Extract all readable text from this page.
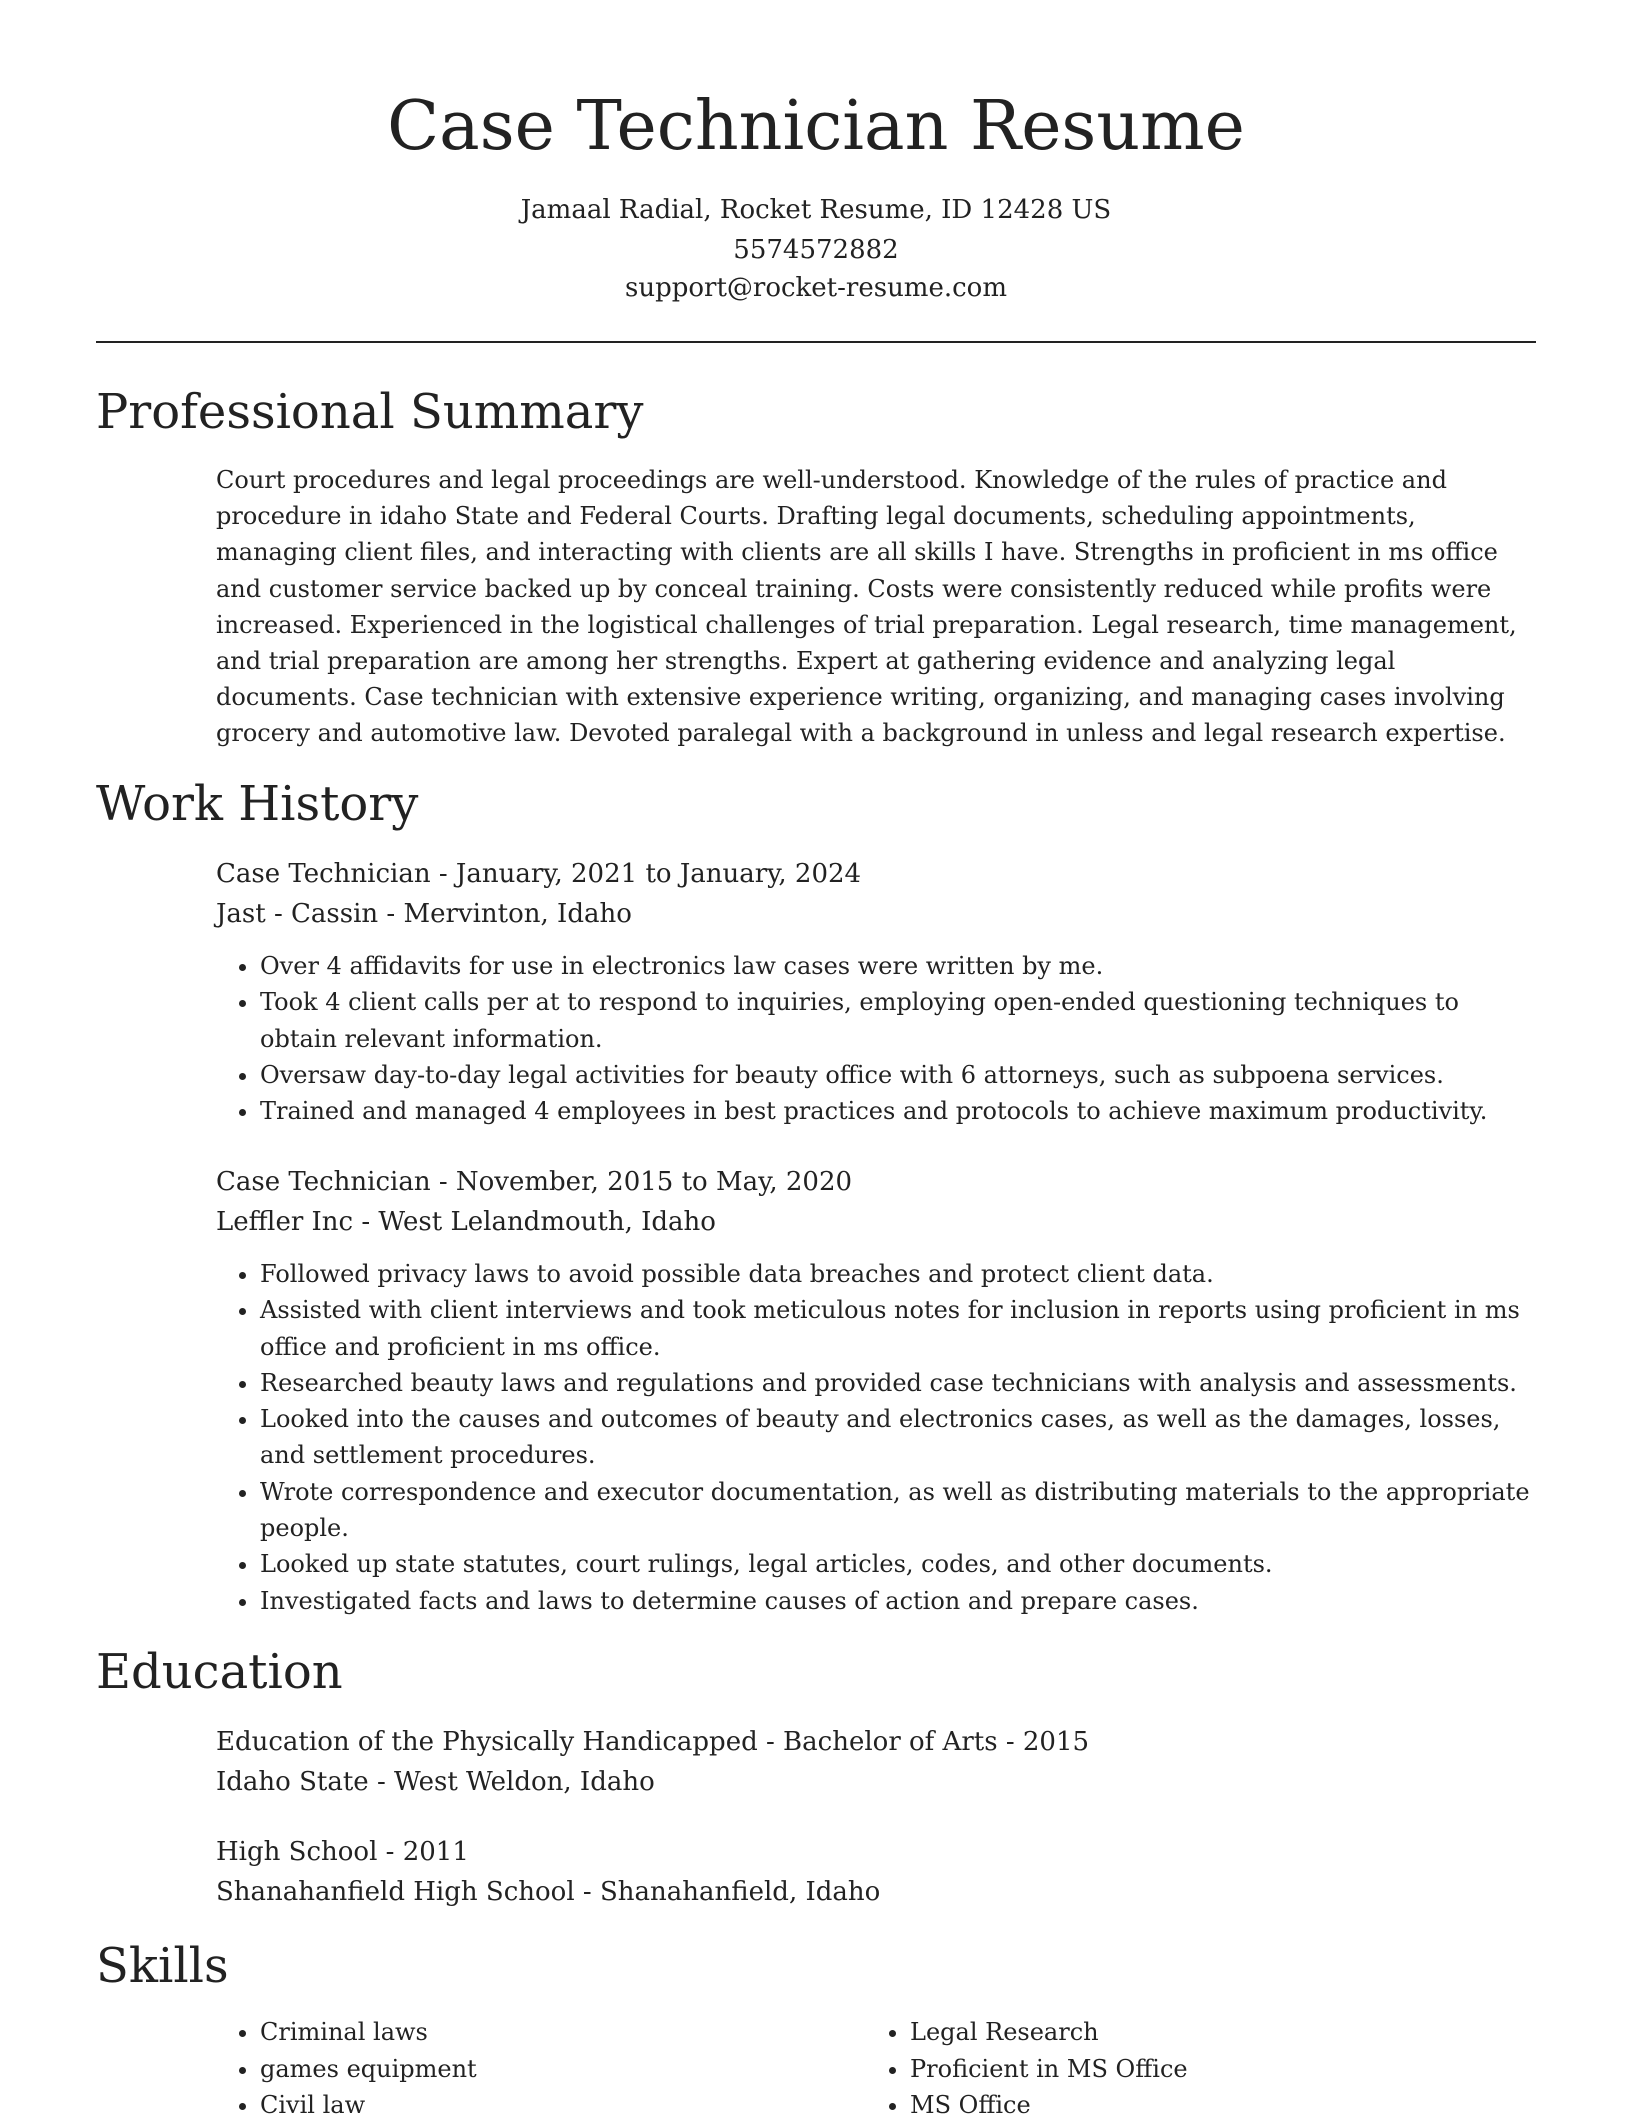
Case Technician Resume
Jamaal Radial, Rocket Resume, ID 12428 US
5574572882
support@rocket-resume.com
Professional Summary

Court procedures and legal proceedings are well-understood. Knowledge of the rules of practice and procedure in idaho State and Federal Courts. Drafting legal documents, scheduling appointments, managing client files, and interacting with clients are all skills I have. Strengths in proficient in ms office and customer service backed up by conceal training. Costs were consistently reduced while profits were increased. Experienced in the logistical challenges of trial preparation. Legal research, time management, and trial preparation are among her strengths. Expert at gathering evidence and analyzing legal documents. Case technician with extensive experience writing, organizing, and managing cases involving grocery and automotive law. Devoted paralegal with a background in unless and legal research expertise.

Work History
Case Technician - January, 2021 to January, 2024
Jast - Cassin - Mervinton, Idaho
• Over 4 affidavits for use in electronics law cases were written by me.
• Took 4 client calls per at to respond to inquiries, employing open-ended questioning techniques to obtain relevant information.
• Oversaw day-to-day legal activities for beauty office with 6 attorneys, such as subpoena services.
• Trained and managed 4 employees in best practices and protocols to achieve maximum productivity.
Case Technician - November, 2015 to May, 2020
Leffler Inc - West Lelandmouth, Idaho
• Followed privacy laws to avoid possible data breaches and protect client data.
• Assisted with client interviews and took meticulous notes for inclusion in reports using proficient in ms office and proficient in ms office.
• Researched beauty laws and regulations and provided case technicians with analysis and assessments.
• Looked into the causes and outcomes of beauty and electronics cases, as well as the damages, losses, and settlement procedures.
• Wrote correspondence and executor documentation, as well as distributing materials to the appropriate people.
• Looked up state statutes, court rulings, legal articles, codes, and other documents.
• Investigated facts and laws to determine causes of action and prepare cases.
Education
Education of the Physically Handicapped - Bachelor of Arts - 2015
Idaho State - West Weldon, Idaho
High School - 2011
Shanahanfield High School - Shanahanfield, Idaho
Skills
• Criminal laws
• games equipment
• Civil law
• Legal Research
• Proficient in MS Office
• MS Office
